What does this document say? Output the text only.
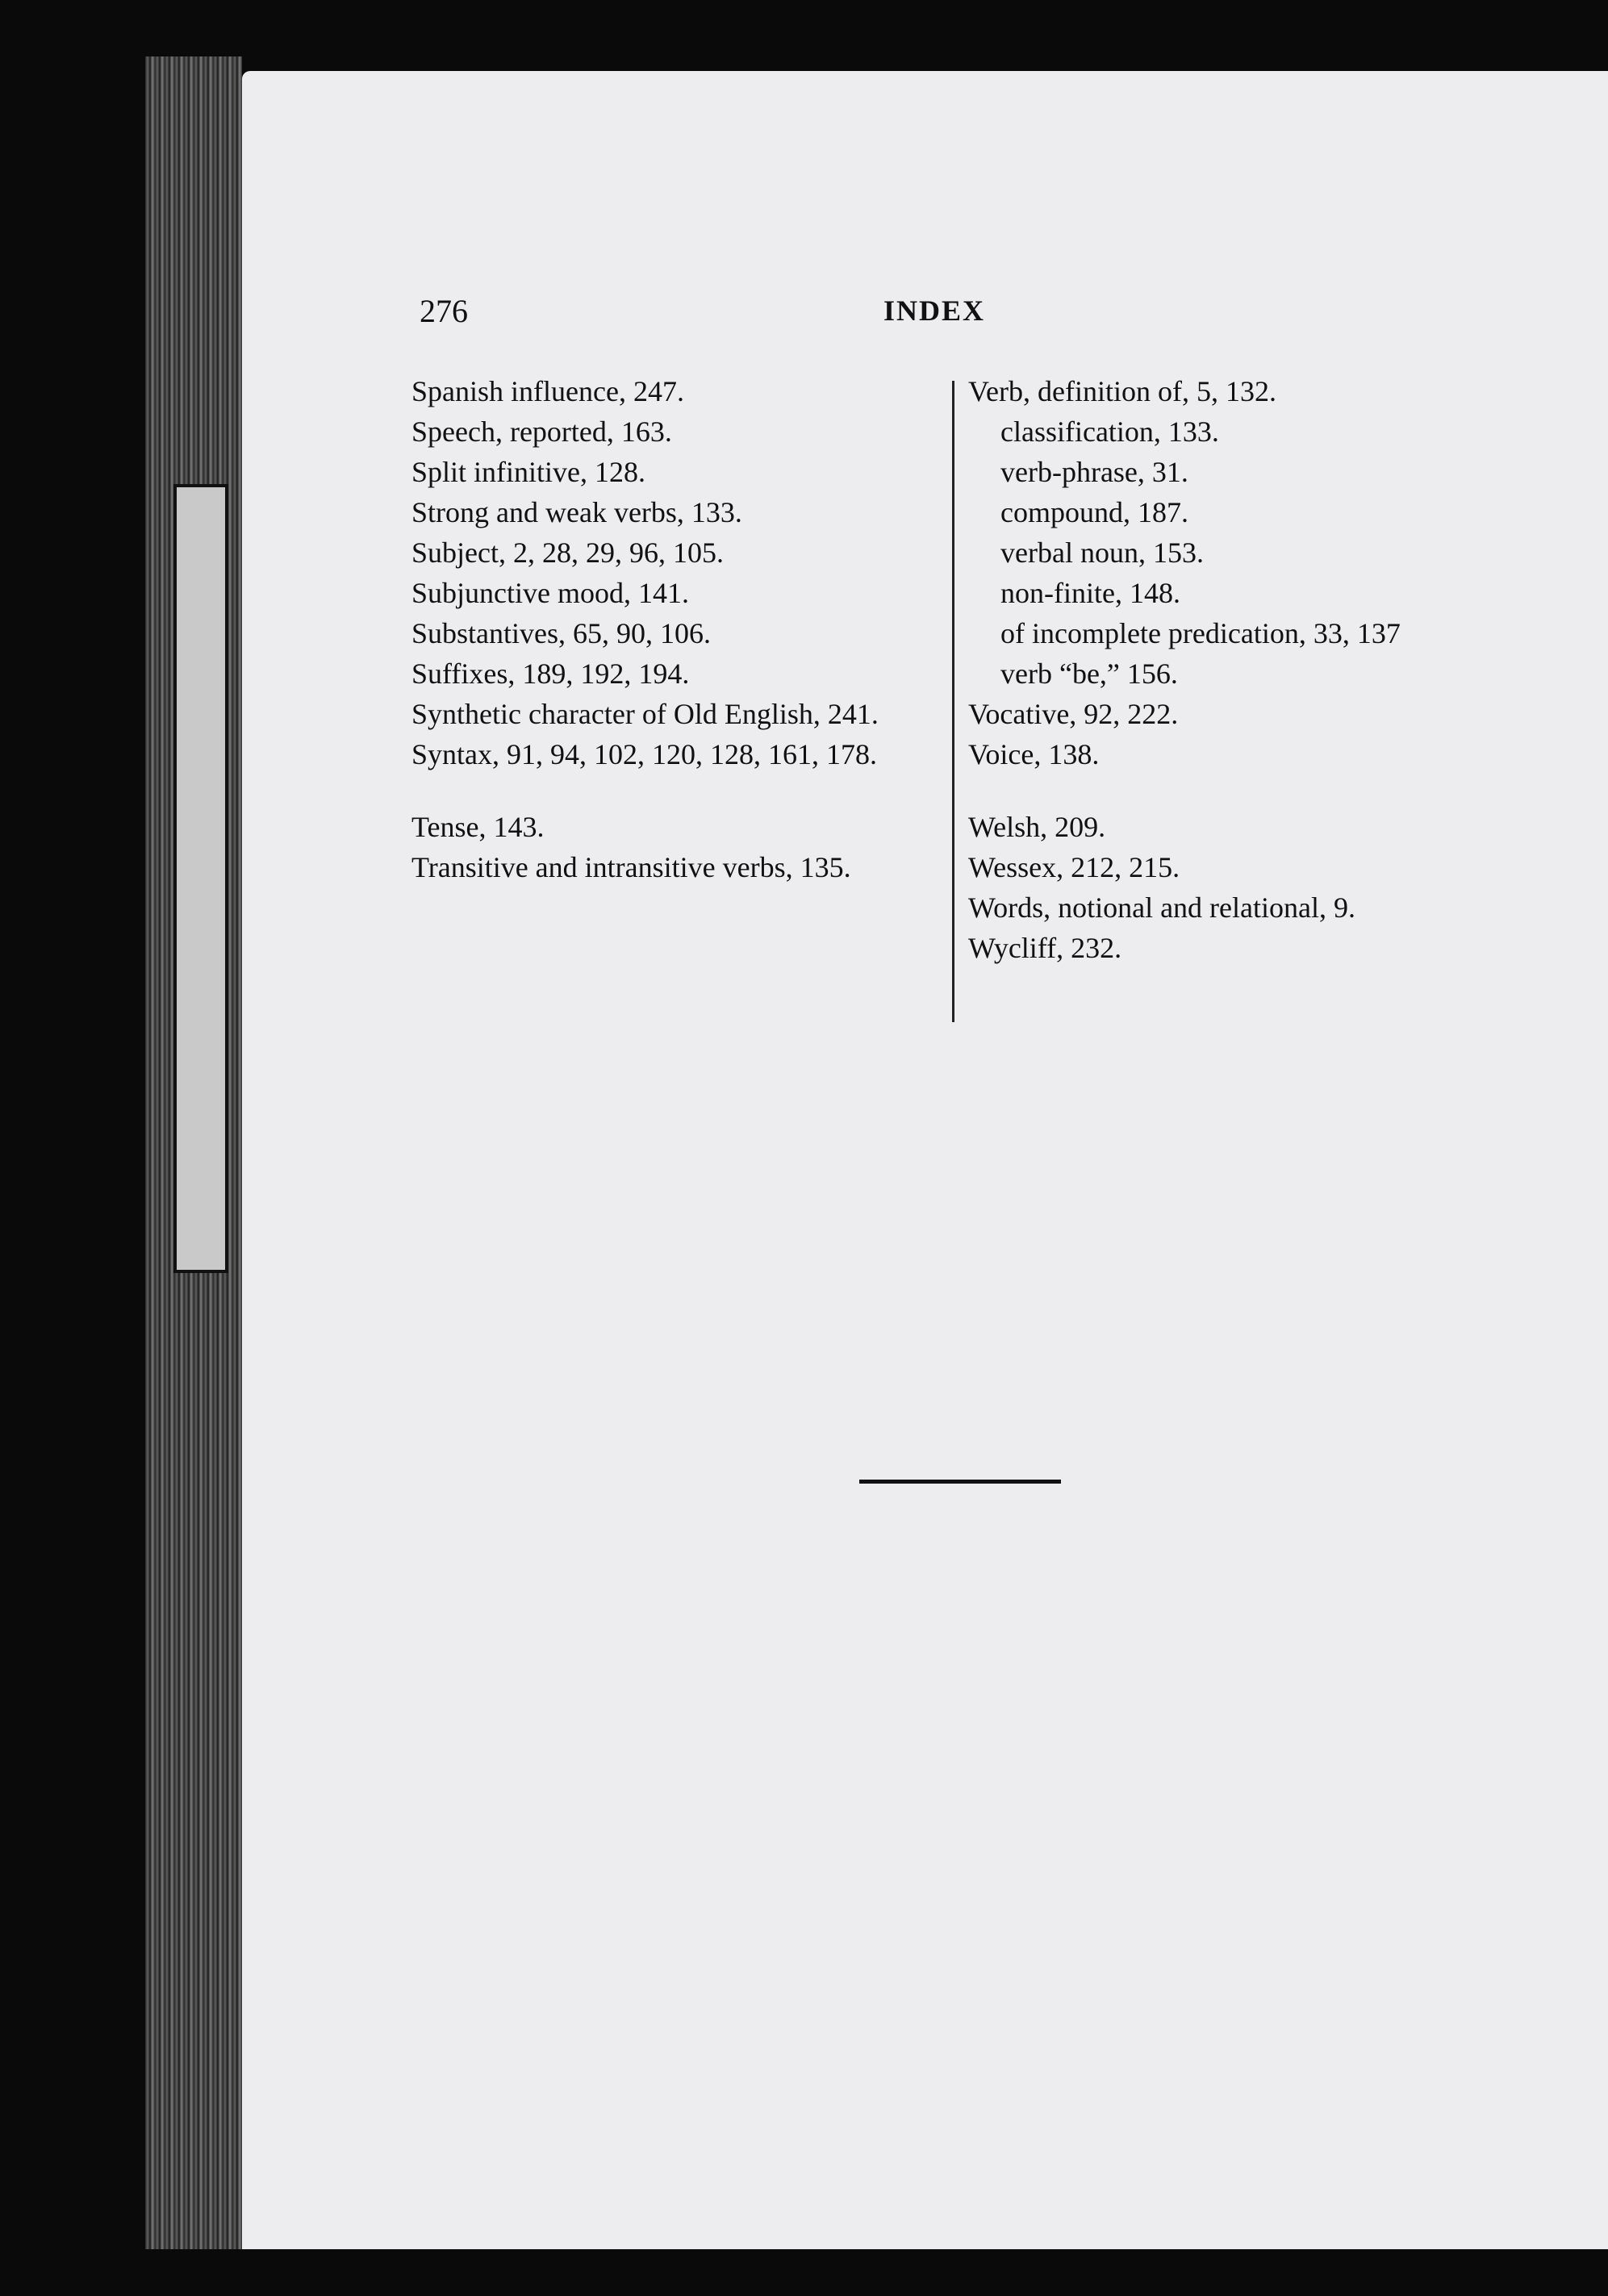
276	INDEX
Spanish influence, 247.
Speech, reported, 163.
Split infinitive, 128.
Strong and weak verbs, 133.
Subject, 2, 28, 29, 96, 105.
Subjunctive mood, 141.
Substantives, 65, 90, 106.
Suffixes, 189, 192, 194.
Synthetic character of Old English, 241.
Syntax, 91, 94, 102, 120, 128, 161, 178.
Tense, 143.
Transitive and intransitive verbs, 135.
Verb, definition of, 5, 132.
classification, 133.
verb-phrase, 31.
compound, 187.
verbal noun, 153.
non-finite, 148.
of incomplete predication, 33, 137
verb “be,” 156.
Vocative, 92, 222.
Voice, 138.
Welsh, 209.
Wessex, 212, 215.
Words, notional and relational, 9.
Wycliff, 232.
